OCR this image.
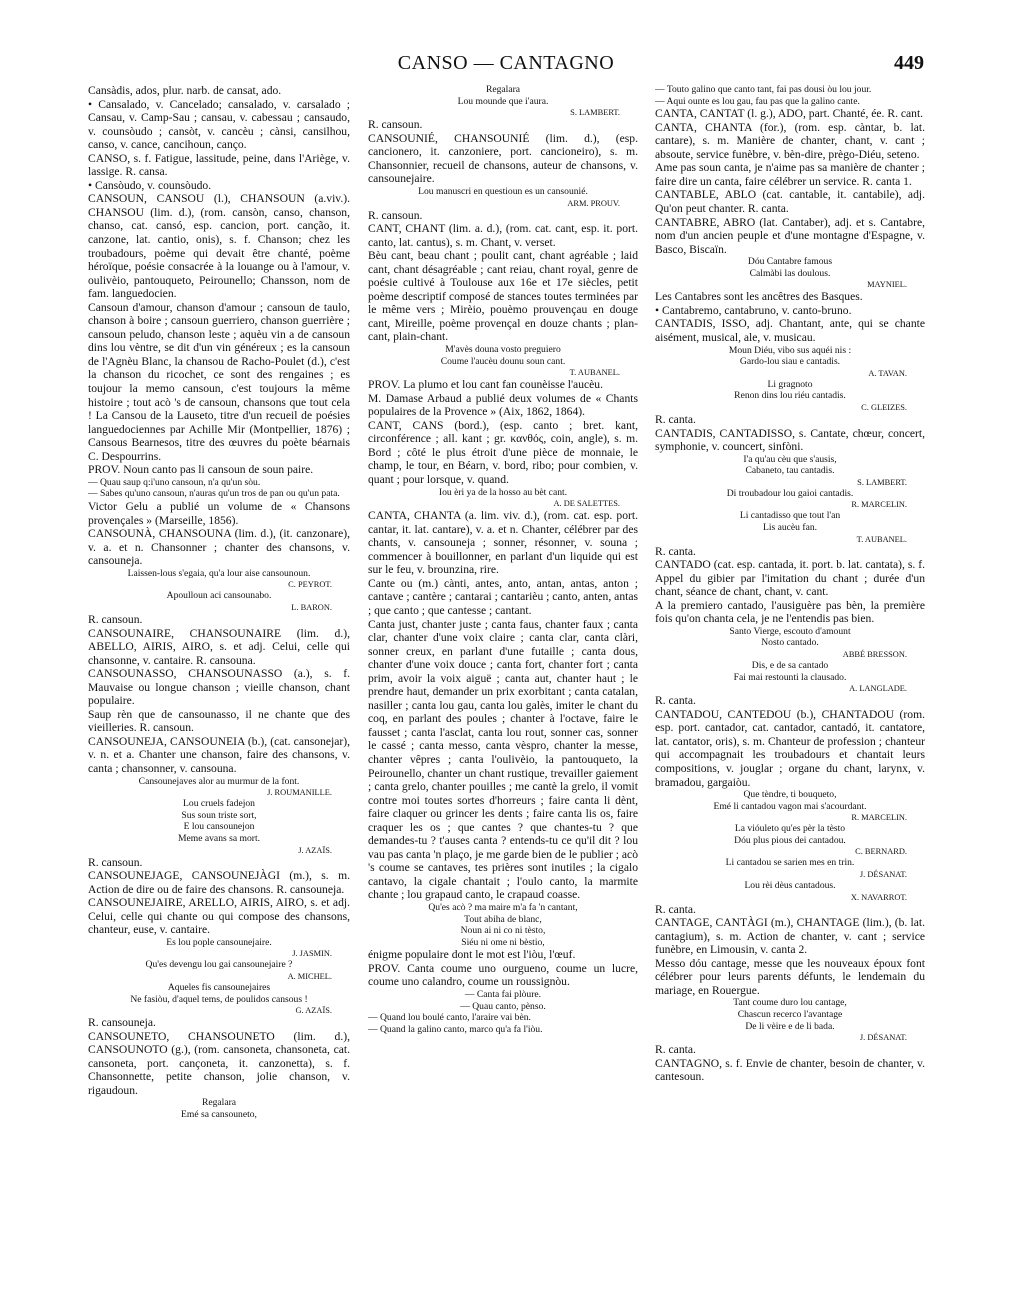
CANSO — CANTAGNO	449

Cansàdis, ados, plur. narb. de cansat, ado.

• Cansalado, v. Cancelado; cansalado, v. carsalado ; Cansau, v. Camp-Sau ; cansau, v. cabessau ; cansaudo, v. counsòudo ; cansòt, v. cancèu ; cànsi, cansilhou, canso, v. cance, cancihoun, canço.

CANSO, s. f. Fatigue, lassitude, peine, dans l'Ariège, v. lassige. R. cansa.

• Cansòudo, v. counsòudo.

CANSOUN, CANSOU (l.), CHANSOUN (a.viv.). CHANSOU (lim. d.), (rom. cansòn, canso, chanson, chanso, cat. cansó, esp. cancion, port. canção, it. canzone, lat. cantio, onis), s. f. Chanson; chez les troubadours, poème qui devait être chanté, poème héroïque, poésie consacrée à la louange ou à l'amour, v. oulivèio, pantouqueto, Peirounello; Chansson, nom de fam. languedocien.

Cansoun d'amour, chanson d'amour ; cansoun de taulo, chanson à boire ; cansoun guerriero, chanson guerrière ; cansoun peludo, chanson leste ; aquèu vin a de cansoun dins lou vèntre, se dit d'un vin généreux ; es la cansoun de l'Agnèu Blanc, la chansou de Racho-Poulet (d.), c'est la chanson du ricochet, ce sont des rengaines ; es toujour la memo cansoun, c'est toujours la même histoire ; tout acò 's de cansoun, chansons que tout cela ! La Cansou de la Lauseto, titre d'un recueil de poésies languedociennes par Achille Mir (Montpellier, 1876) ; Cansous Bearnesos, titre des œuvres du poète béarnais C. Despourrins.

PROV. Noun canto pas li cansoun de soun paire.

— Quau saup q:i'uno cansoun, n'a qu'un sòu.

— Sabes qu'uno cansoun, n'auras qu'un tros de pan ou qu'un pata.

Victor Gelu a publié un volume de « Chansons provençales » (Marseille, 1856).

CANSOUNÀ, CHANSOUNA (lim. d.), (it. canzonare), v. a. et n. Chansonner ; chanter des chansons, v. cansouneja.

Laissen-lous s'egaia, qu'a lour aise cansounoun.

C. PEYROT.

Apoulloun aci cansounabo.

L. BARON.

R. cansoun.

CANSOUNAIRE, CHANSOUNAIRE (lim. d.), ABELLO, AIRIS, AIRO, s. et adj. Celui, celle qui chansonne, v. cantaire. R. cansouna.

CANSOUNASSO, CHANSOUNASSO (a.), s. f. Mauvaise ou longue chanson ; vieille chanson, chant populaire.

Saup rèn que de cansounasso, il ne chante que des vieilleries. R. cansoun.

CANSOUNEJA, CANSOUNEIA (b.), (cat. cansonejar), v. n. et a. Chanter une chanson, faire des chansons, v. canta ; chansonner, v. cansouna.

Cansounejaves alor au murmur de la font.

J. ROUMANILLE.

Lou cruels fadejon

Sus soun triste sort,

E lou cansounejon

Meme avans sa mort.

J. AZAÏS.

R. cansoun.

CANSOUNEJAGE, CANSOUNEJÀGI (m.), s. m. Action de dire ou de faire des chansons. R. cansouneja.

CANSOUNEJAIRE, ARELLO, AIRIS, AIRO, s. et adj. Celui, celle qui chante ou qui compose des chansons, chanteur, euse, v. cantaire.

Es lou pople cansounejaire.

J. JASMIN.

Qu'es devengu lou gai cansounejaire ?

A. MICHEL.

Aqueles fis cansounejaires

Ne fasiòu, d'aquel tems, de poulidos cansous !

G. AZAÏS.

R. cansouneja.

CANSOUNETO, CHANSOUNETO (lim. d.), CANSOUNOTO (g.), (rom. cansoneta, chansoneta, cat. cansoneta, port. cançoneta, it. canzonetta), s. f. Chansonnette, petite chanson, jolie chanson, v. rigaudoun.

Regalara

Emé sa cansouneto,

Regalara

Lou mounde que i'aura.

S. LAMBERT.

R. cansoun.

CANSOUNIÉ, CHANSOUNIÉ (lim. d.), (esp. cancionero, it. canzoniere, port. cancioneiro), s. m. Chansonnier, recueil de chansons, auteur de chansons, v. cansounejaire.

Lou manuscri en questioun es un cansounié.

ARM. PROUV.

R. cansoun.

CANT, CHANT (lim. a. d.), (rom. cat. cant, esp. it. port. canto, lat. cantus), s. m. Chant, v. verset.

Bèu cant, beau chant ; poulit cant, chant agréable ; laid cant, chant désagréable ; cant reiau, chant royal, genre de poésie cultivé à Toulouse aux 16e et 17e siècles, petit poème descriptif composé de stances toutes terminées par le même vers ; Mirèio, pouèmo prouvençau en douge cant, Mireille, poème provençal en douze chants ; plan-cant, plain-chant.

M'avès douna vosto preguiero

Coume l'aucèu dounu soun cant.

T. AUBANEL.

PROV. La plumo et lou cant fan counèisse l'aucèu.

M. Damase Arbaud a publié deux volumes de « Chants populaires de la Provence » (Aix, 1862, 1864).

CANT, CANS (bord.), (esp. canto ; bret. kant, circonférence ; all. kant ; gr. κανθός, coin, angle), s. m. Bord ; côté le plus étroit d'une pièce de monnaie, le champ, le tour, en Béarn, v. bord, ribo; pour combien, v. quant ; pour lorsque, v. quand.

Iou èri ya de la hosso au bèt cant.

A. DE SALETTES.

CANTA, CHANTA (a. lim. viv. d.), (rom. cat. esp. port. cantar, it. lat. cantare), v. a. et n. Chanter, célébrer par des chants, v. cansouneja ; sonner, résonner, v. souna ; commencer à bouillonner, en parlant d'un liquide qui est sur le feu, v. brounzina, rire.

Cante ou (m.) cànti, antes, anto, antan, antas, anton ; cantave ; cantère ; cantarai ; cantarièu ; canto, anten, antas ; que canto ; que cantesse ; cantant.

Canta just, chanter juste ; canta faus, chanter faux ; canta clar, chanter d'une voix claire ; canta clar, canta clàri, sonner creux, en parlant d'une futaille ; canta dous, chanter d'une voix douce ; canta fort, chanter fort ; canta prim, avoir la voix aiguë ; canta aut, chanter haut ; le prendre haut, demander un prix exorbitant ; canta catalan, nasiller ; canta lou gau, canta lou galès, imiter le chant du coq, en parlant des poules ; chanter à l'octave, faire le fausset ; canta l'asclat, canta lou rout, sonner cas, sonner le cassé ; canta messo, canta vèspro, chanter la messe, chanter vêpres ; canta l'oulivèio, la pantouqueto, la Peirounello, chanter un chant rustique, trevailler gaiement ; canta grelo, chanter pouilles ; me cantè la grelo, il vomit contre moi toutes sortes d'horreurs ; faire canta li dènt, faire claquer ou grincer les dents ; faire canta lis os, faire craquer les os ; que cantes ? que chantes-tu ? que demandes-tu ? t'auses canta ? entends-tu ce qu'il dit ? lou vau pas canta 'n plaço, je me garde bien de le publier ; acò 's coume se cantaves, tes prières sont inutiles ; la cigalo cantavo, la cigale chantait ; l'oulo canto, la marmite chante ; lou grapaud canto, le crapaud coasse.

Qu'es acò ? ma maire m'a fa 'n cantant,

Tout abiha de blanc,

Noun ai ni co ni tèsto,

Siéu ni ome ni bèstio,

énigme populaire dont le mot est l'iòu, l'œuf.

PROV. Canta coume uno ourgueno, coume un lucre, coume uno calandro, coume un roussignòu.

— Canta fai plòure.

— Quau canto, pènso.

— Quand lou boulé canto, l'araire vai bèn.

— Quand la galino canto, marco qu'a fa l'iòu.

— Touto galino que canto tant, fai pas dousi òu lou jour.

— Aqui ounte es lou gau, fau pas que la galino cante.

CANTA, CANTAT (l. g.), ADO, part. Chanté, ée. R. cant.

CANTA, CHANTA (for.), (rom. esp. càntar, b. lat. cantare), s. m. Manière de chanter, chant, v. cant ; absoute, service funèbre, v. bèn-dire, prègo-Diéu, seteno.

Ame pas soun canta, je n'aime pas sa manière de chanter ; faire dire un canta, faire célébrer un service. R. canta 1.

CANTABLE, ABLO (cat. cantable, it. cantabile), adj. Qu'on peut chanter. R. canta.

CANTABRE, ABRO (lat. Cantaber), adj. et s. Cantabre, nom d'un ancien peuple et d'une montagne d'Espagne, v. Basco, Biscaïn.

Dóu Cantabre famous

Calmàbi las doulous.

MAYNIEL.

Les Cantabres sont les ancêtres des Basques.

• Cantabremo, cantabruno, v. canto-bruno.

CANTADIS, ISSO, adj. Chantant, ante, qui se chante aisément, musical, ale, v. musicau.

Moun Diéu, vibo sus aquéi nis :

Gardo-lou siau e cantadis.

A. TAVAN.

Li gragnoto

Renon dins lou riéu cantadis.

C. GLEIZES.

R. canta.

CANTADIS, CANTADISSO, s. Cantate, chœur, concert, symphonie, v. councert, sinfòni.

I'a qu'au cèu que s'ausis,

Cabaneto, tau cantadis.

S. LAMBERT.

Di troubadour lou gaioi cantadis.

R. MARCELIN.

Li cantadisso que tout l'an

Lis aucèu fan.

T. AUBANEL.

R. canta.

CANTADO (cat. esp. cantada, it. port. b. lat. cantata), s. f. Appel du gibier par l'imitation du chant ; durée d'un chant, séance de chant, chant, v. cant.

A la premiero cantado, l'ausiguère pas bèn, la première fois qu'on chanta cela, je ne l'entendis pas bien.

Santo Vierge, escouto d'amount

Nosto cantado.

ABBÉ BRESSON.

Dis, e de sa cantado

Fai mai restounti la clausado.

A. LANGLADE.

R. canta.

CANTADOU, CANTEDOU (b.), CHANTADOU (rom. esp. port. cantador, cat. cantador, cantadó, it. cantatore, lat. cantator, oris), s. m. Chanteur de profession ; chanteur qui accompagnait les troubadours et chantait leurs compositions, v. jouglar ; organe du chant, larynx, v. bramadou, gargaiòu.

Que tèndre, ti bouqueto,

Emé li cantadou vagon mai s'acourdant.

R. MARCELIN.

La vióuleto qu'es pèr la tèsto

Dóu plus pious dei cantadou.

C. BERNARD.

Li cantadou se sarien mes en trin.

J. DÉSANAT.

Lou rèi dèus cantadous.

X. NAVARROT.

R. canta.

CANTAGE, CANTÀGI (m.), CHANTAGE (lim.), (b. lat. cantagium), s. m. Action de chanter, v. cant ; service funèbre, en Limousin, v. canta 2.

Messo dóu cantage, messe que les nouveaux époux font célébrer pour leurs parents défunts, le lendemain du mariage, en Rouergue.

Tant coume duro lou cantage,

Chascun recerco l'avantage

De li vèire e de li bada.

J. DÉSANAT.

R. canta.

CANTAGNO, s. f. Envie de chanter, besoin de chanter, v. cantesoun.
